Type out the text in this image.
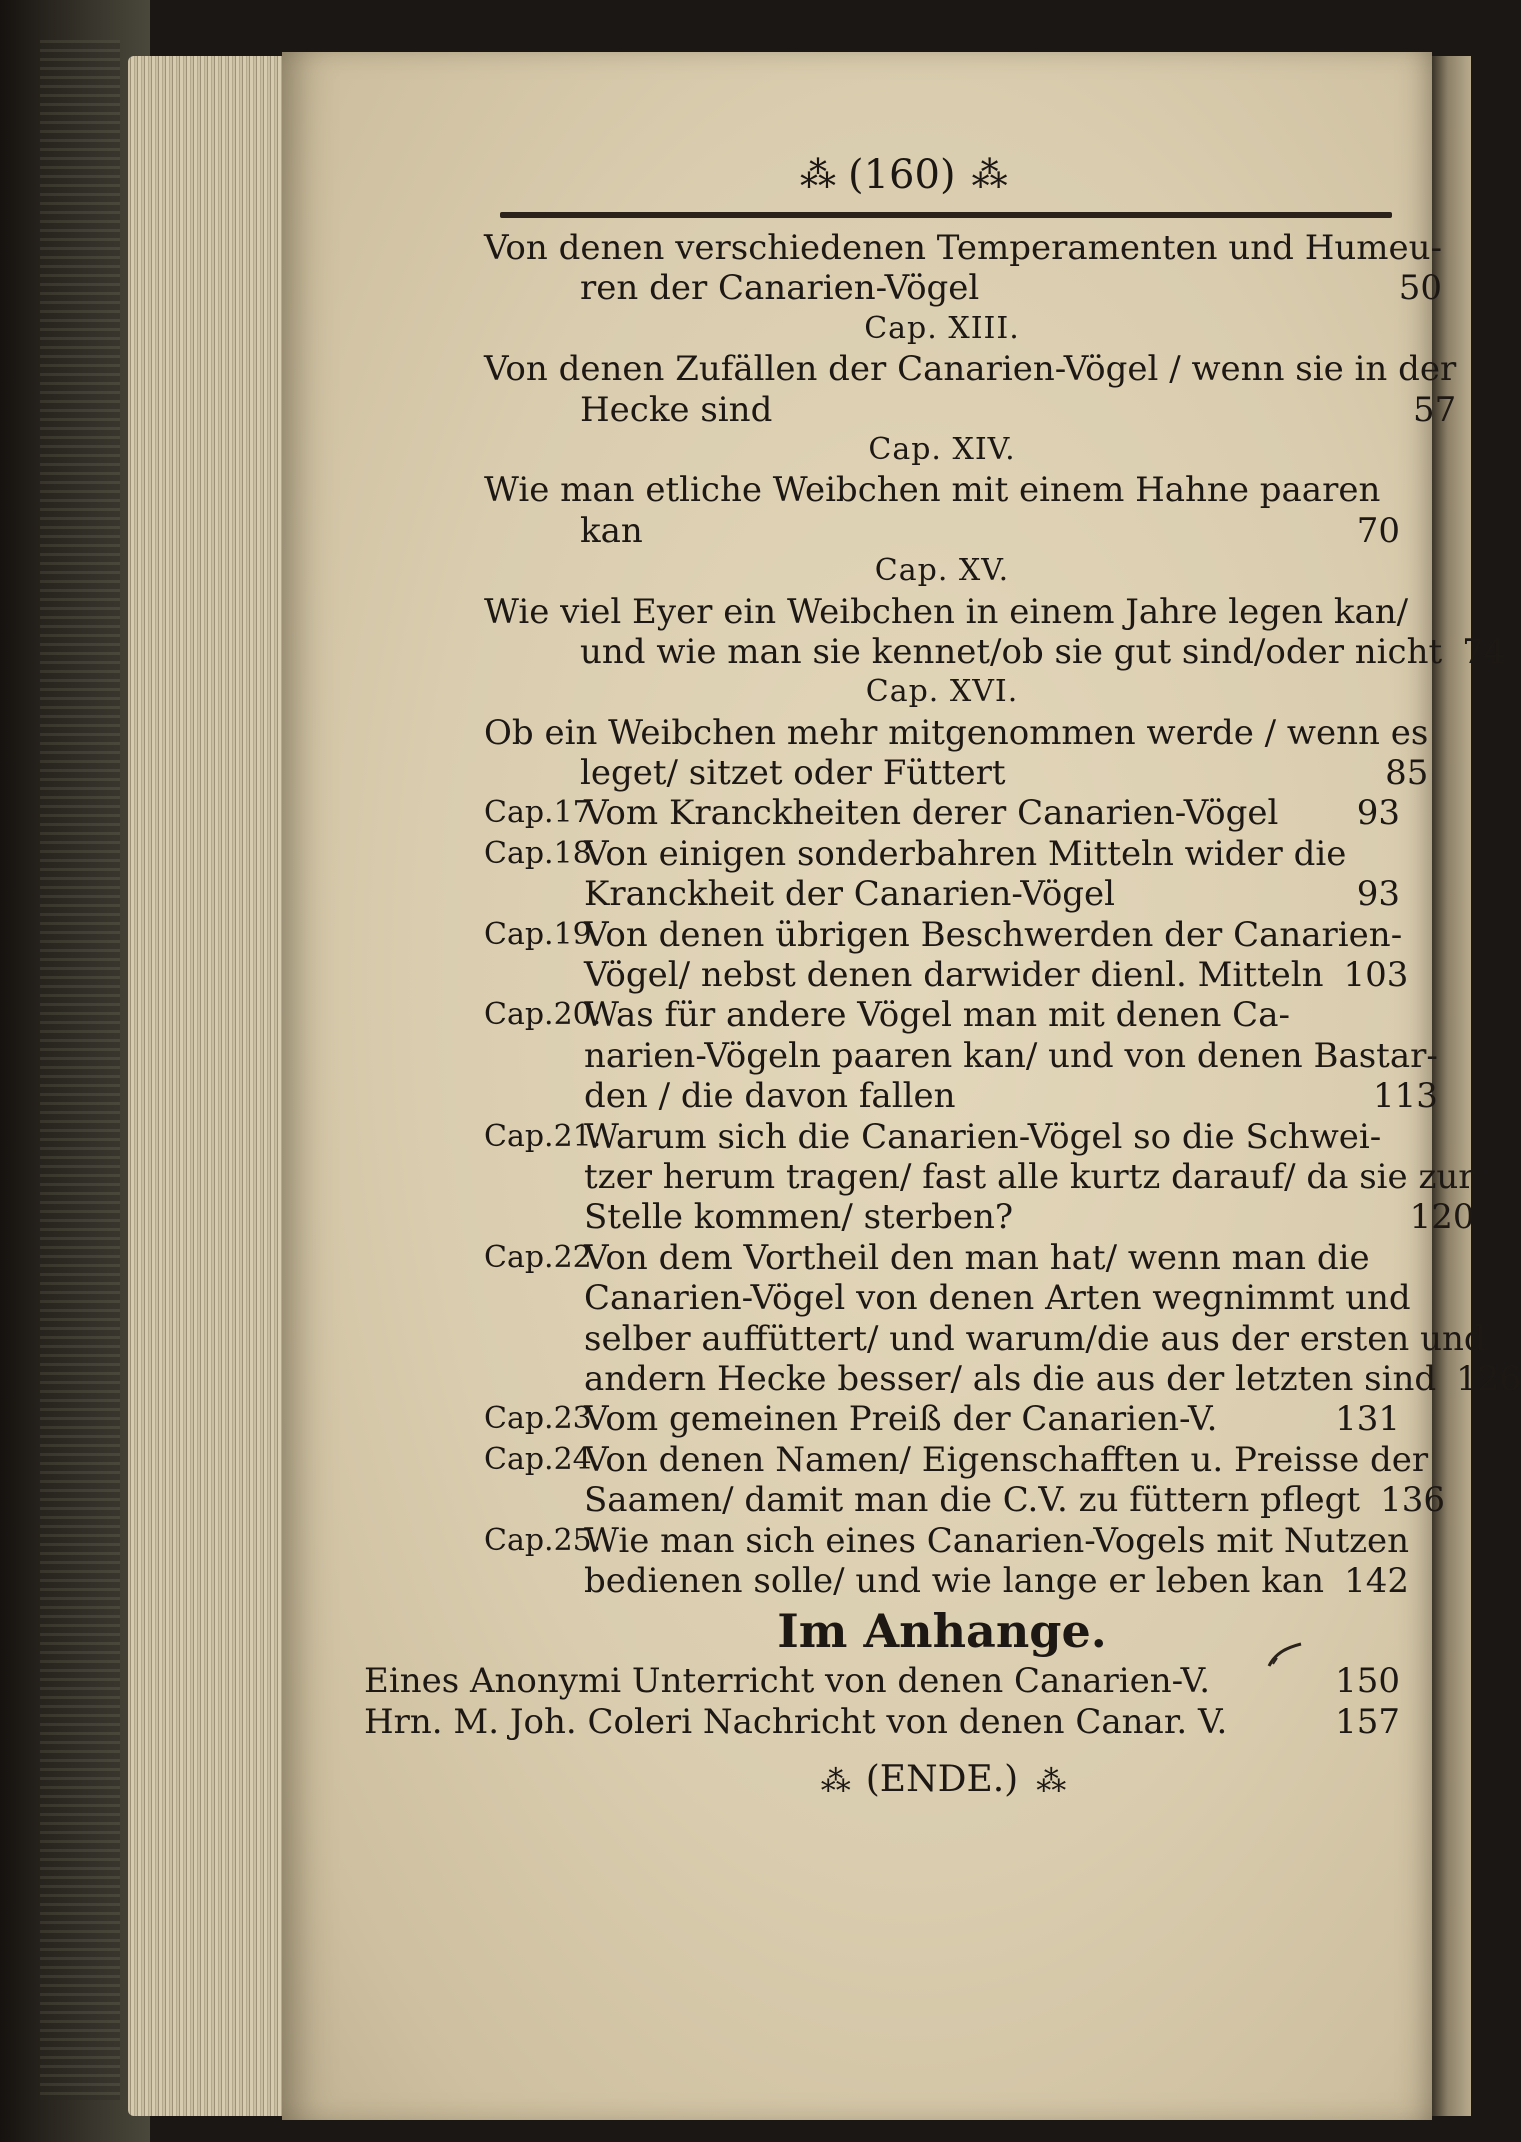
⁂ (160) ⁂
Von denen verschiedenen Temperamenten und Humeu-
ren der Canarien-Vögel	50
Cap. XIII.
Von denen Zufällen der Canarien-Vögel / wenn sie in der
Hecke sind	57
Cap. XIV.
Wie man etliche Weibchen mit einem Hahne paaren
kan	70
Cap. XV.
Wie viel Eyer ein Weibchen in einem Jahre legen kan/
und wie man sie kennet/ob sie gut sind/oder nicht 74
Cap. XVI.
Ob ein Weibchen mehr mitgenommen werde / wenn es
leget/ sitzet oder Füttert	85
Cap.17.
Vom Kranckheiten derer Canarien-Vögel 93
Cap.18.
Von einigen sonderbahren Mitteln wider die
Kranckheit der Canarien-Vögel	93
Cap.19.
Von denen übrigen Beschwerden der Canarien-
Vögel/ nebst denen darwider dienl. Mitteln 103
Cap.20.
Was für andere Vögel man mit denen Ca-
narien-Vögeln paaren kan/ und von denen Bastar-
den / die davon fallen	113
Cap.21.
Warum sich die Canarien-Vögel so die Schwei-
tzer herum tragen/ fast alle kurtz darauf/ da sie zur
Stelle kommen/ sterben?	120
Cap.22.
Von dem Vortheil den man hat/ wenn man die
Canarien-Vögel von denen Arten wegnimmt und
selber auffüttert/ und warum/die aus der ersten und
andern Hecke besser/ als die aus der letzten sind 126
Cap.23.
Vom gemeinen Preiß der Canarien-V.	131
Cap.24.
Von denen Namen/ Eigenschafften u. Preisse der
Saamen/ damit man die C.V. zu füttern pflegt 136
Cap.25.
Wie man sich eines Canarien-Vogels mit Nutzen
bedienen solle/ und wie lange er leben kan 142
Im Anhange.
Eines Anonymi Unterricht von denen Canarien-V.	150
Hrn. M. Joh. Coleri Nachricht von denen Canar. V.	157
⁂ (ENDE.) ⁂
